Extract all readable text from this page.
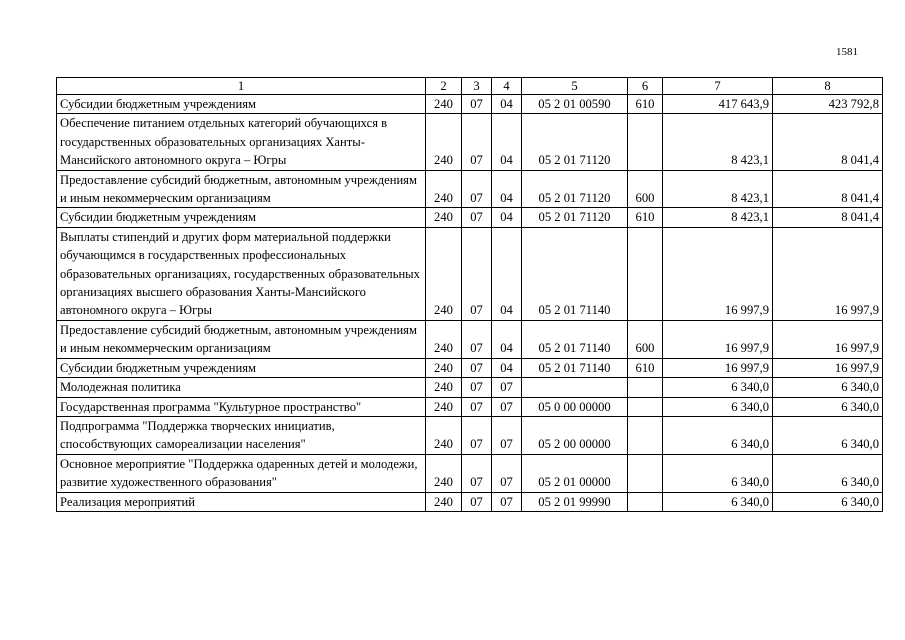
1581
1	2	3	4	5	6	7	8
Субсидии бюджетным учреждениям	240	07	04	05 2 01 00590	610	417 643,9	423 792,8
Обеспечение питанием отдельных категорий обучающихся в государственных образовательных организациях Ханты-Мансийского автономного округа – Югры	240	07	04	05 2 01 71120		8 423,1	8 041,4
Предоставление субсидий бюджетным, автономным учреждениям и иным некоммерческим организациям	240	07	04	05 2 01 71120	600	8 423,1	8 041,4
Субсидии бюджетным учреждениям	240	07	04	05 2 01 71120	610	8 423,1	8 041,4
Выплаты стипендий и других форм материальной поддержки обучающимся в государственных профессиональных образовательных организациях, государственных образовательных организациях высшего образования Ханты-Мансийского автономного округа – Югры	240	07	04	05 2 01 71140		16 997,9	16 997,9
Предоставление субсидий бюджетным, автономным учреждениям и иным некоммерческим организациям	240	07	04	05 2 01 71140	600	16 997,9	16 997,9
Субсидии бюджетным учреждениям	240	07	04	05 2 01 71140	610	16 997,9	16 997,9
Молодежная политика	240	07	07			6 340,0	6 340,0
Государственная программа "Культурное пространство"	240	07	07	05 0 00 00000		6 340,0	6 340,0
Подпрограмма "Поддержка творческих инициатив, способствующих самореализации населения"	240	07	07	05 2 00 00000		6 340,0	6 340,0
Основное мероприятие "Поддержка одаренных детей и молодежи, развитие художественного образования"	240	07	07	05 2 01 00000		6 340,0	6 340,0
Реализация мероприятий	240	07	07	05 2 01 99990		6 340,0	6 340,0
